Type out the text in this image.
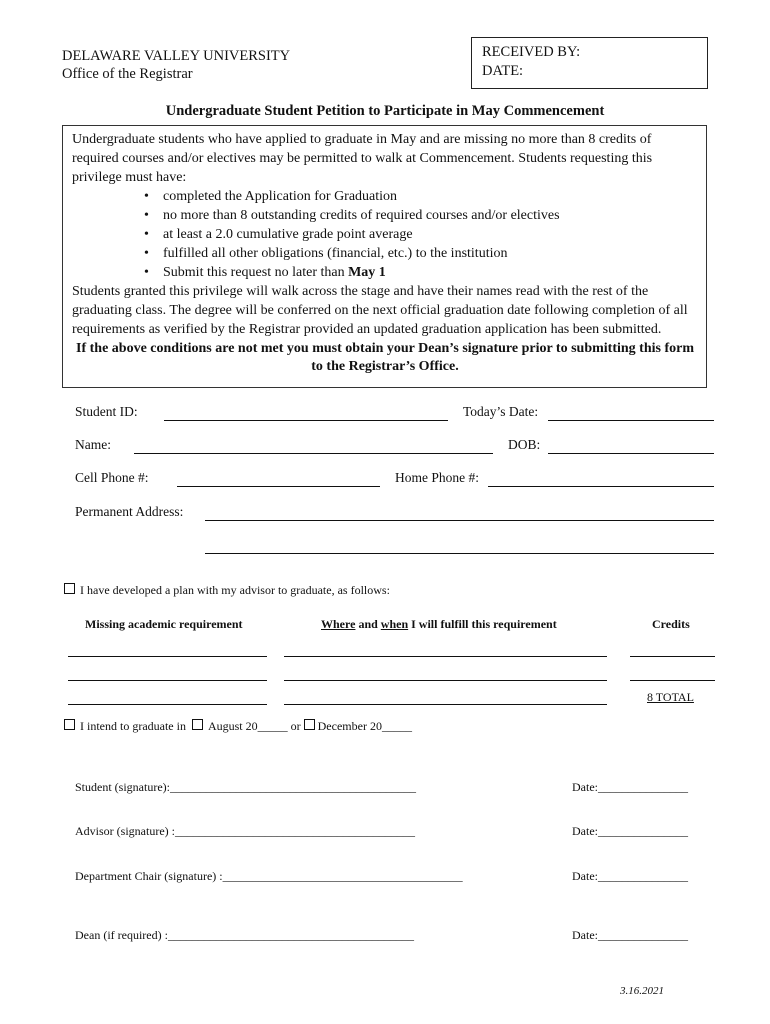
DELAWARE VALLEY UNIVERSITY
Office of the Registrar
RECEIVED BY:
DATE:
Undergraduate Student Petition to Participate in May Commencement

Undergraduate students who have applied to graduate in May and are missing no more than 8 credits of required courses and/or electives may be permitted to walk at Commencement. Students requesting this privilege must have:

• completed the Application for Graduation
• no more than 8 outstanding credits of required courses and/or electives
• at least a 2.0 cumulative grade point average
• fulfilled all other obligations (financial, etc.) to the institution
• Submit this request no later than May 1

Students granted this privilege will walk across the stage and have their names read with the rest of the graduating class. The degree will be conferred on the next official graduation date following completion of all requirements as verified by the Registrar provided an updated graduation application has been submitted.

If the above conditions are not met you must obtain your Dean’s signature prior to submitting this form to the Registrar’s Office.

Student ID:	Today’s Date:
Name:	DOB:
Cell Phone #:	Home Phone #:
Permanent Address:
I have developed a plan with my advisor to graduate, as follows:
Missing academic requirement	Where and when I will fulfill this requirement	Credits
8 TOTAL
I intend to graduate in August 20_____ or December 20_____
Student (signature):_________________________________________	Date:_______________
Advisor (signature) :________________________________________	Date:_______________
Department Chair (signature) :________________________________________	Date:_______________
Dean (if required) :_________________________________________	Date:_______________
3.16.2021
